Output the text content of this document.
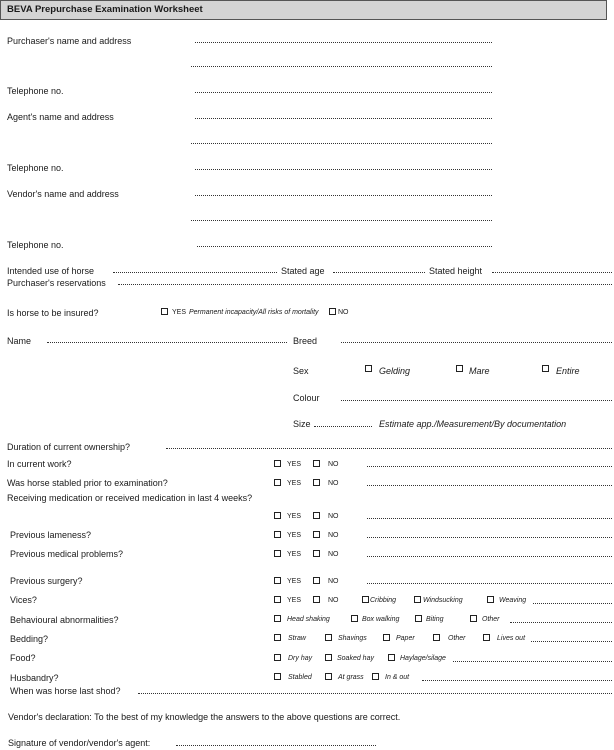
BEVA Prepurchase Examination Worksheet
Purchaser's name and address
Telephone no.
Agent's name and address
Telephone no.
Vendor's name and address
Telephone no.
Intended use of horse	Stated age	Stated height
Purchaser's reservations
Is horse to be insured?	YES Permanent incapacity/All risks of mortality	NO
Name	Breed
Sex	Gelding	Mare	Entire
Colour
Size	Estimate app./Measurement/By documentation
Duration of current ownership?
In current work?	YES	NO
Was horse stabled prior to examination?	YES	NO
Receiving medication or received medication in last 4 weeks?
YES	NO
Previous lameness?	YES	NO
Previous medical problems?	YES	NO
Previous surgery?	YES	NO
Vices?	YES	NO	Cribbing	Windsucking	Weaving
Behavioural abnormalities?	Head shaking	Box walking	Biting	Other
Bedding?	Straw	Shavings	Paper	Other	Lives out
Food?	Dry hay	Soaked hay	Haylage/silage
Husbandry?	Stabled	At grass	In & out
When was horse last shod?
Vendor's declaration: To the best of my knowledge the answers to the above questions are correct.
Signature of vendor/vendor's agent:
